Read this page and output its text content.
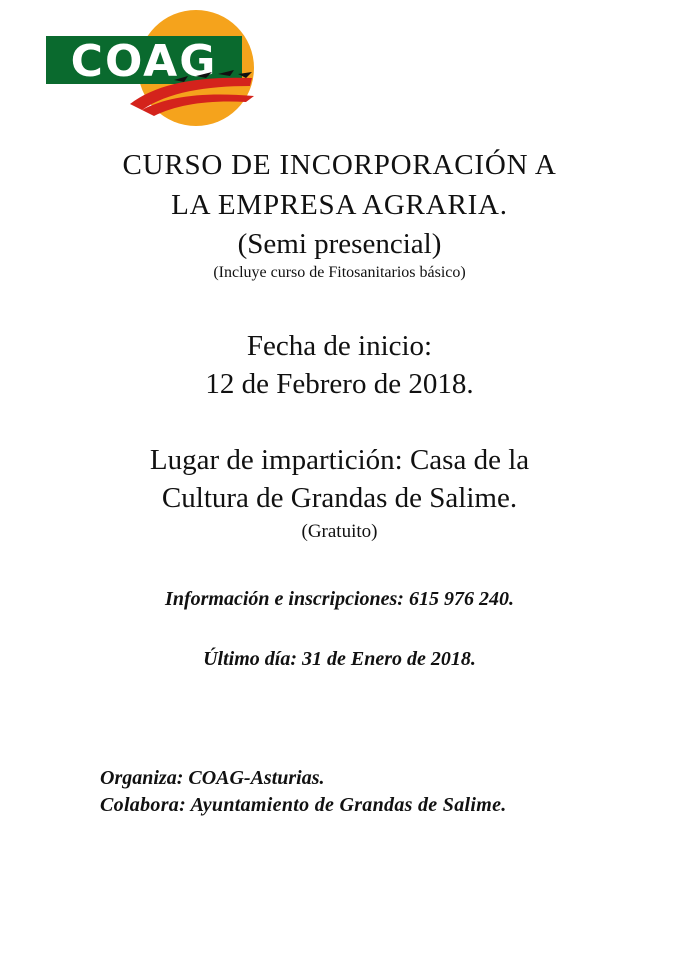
COAG
CURSO DE INCORPORACIÓN A
LA EMPRESA AGRARIA.
(Semi presencial)
(Incluye curso de Fitosanitarios básico)
Fecha de inicio:
12 de Febrero de 2018.
Lugar de impartición: Casa de la
Cultura de Grandas de Salime.
(Gratuito)
Información e inscripciones: 615 976 240.
Último día: 31 de Enero de 2018.
Organiza: COAG-Asturias.
Colabora: Ayuntamiento de Grandas de Salime.
